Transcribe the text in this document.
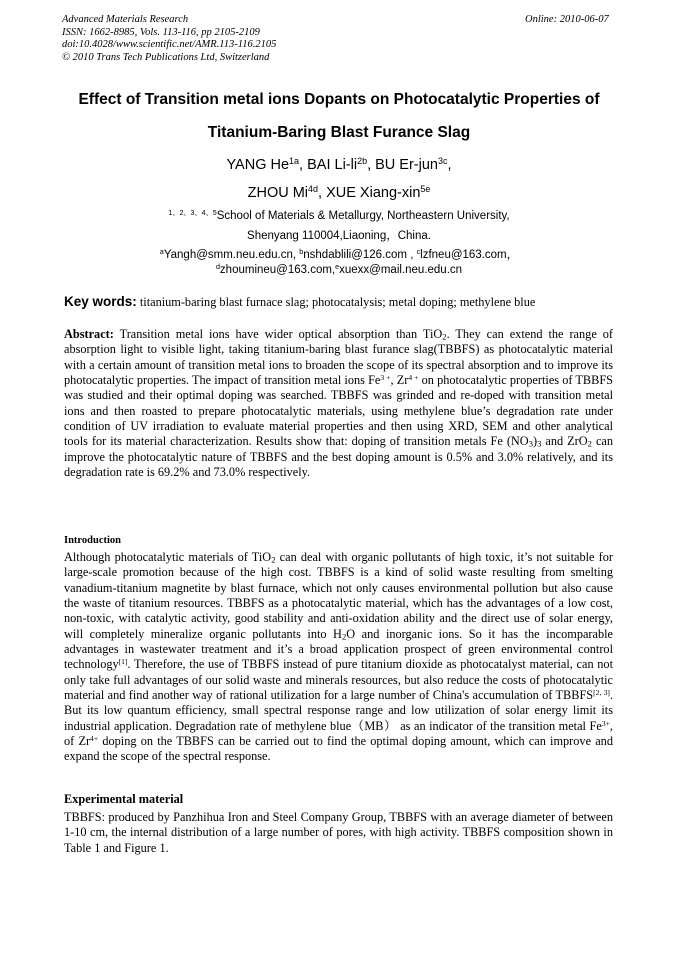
Advanced Materials Research
ISSN: 1662-8985, Vols. 113-116, pp 2105-2109
doi:10.4028/www.scientific.net/AMR.113-116.2105
© 2010 Trans Tech Publications Ltd, Switzerland
Online: 2010-06-07
Effect of Transition metal ions Dopants on Photocatalytic Properties of
Titanium-Baring Blast Furance Slag
YANG $He^{1a}$, BAI $Li-li^{2b}$, BU Er-jun$^{3c}$,
ZHOU $Mi^{4d}$, XUE Xiang-xin$^{5e}$
$^{1、2、3、4、5}$School of Materials & Metallurgy, Northeastern University,
Shenyang 110004,Liaoning，China.
$^a$Yangh@smm.neu.edu.cn, $^b$nshdablili@126.com , $^c$lzfneu@163.com，
$^d$zhoumineu@163.com,$^e$xuexx@mail.neu.edu.cn
Key words: titanium-baring blast furnace slag; photocatalysis; metal doping; methylene blue
Abstract: Transition metal ions have wider optical absorption than TiO$_2$. They can extend the range of absorption light to visible light, taking titanium-baring blast furance slag(TBBFS) as photocatalytic material with a certain amount of transition metal ions to broaden the scope of its spectral absorption and to improve its photocatalytic properties. The impact of transition metal ions $Fe^{3 +}$, $Zr^{4 +}$ on photocatalytic properties of TBBFS was studied and their optimal doping was searched. TBBFS was grinded and re-doped with transition metal ions and then roasted to prepare photocatalytic materials, using methylene blue’s degradation rate under condition of UV irradiation to evaluate material properties and then using XRD, SEM and other analytical tools for its material characterization. Results show that: doping of transition metals Fe $(NO_3)_3$ and ZrO$_2$ can improve the photocatalytic nature of TBBFS and the best doping amount is 0.5% and 3.0% relatively, and its degradation rate is 69.2% and 73.0% respectively.
Introduction
Although photocatalytic materials of TiO$_2$ can deal with organic pollutants of high toxic, it’s not suitable for large-scale promotion because of the high cost. TBBFS is a kind of solid waste resulting from smelting vanadium-titanium magnetite by blast furnace, which not only causes environmental pollution but also cause the waste of titanium resources. TBBFS as a photocatalytic material, which has the advantages of a low cost, non-toxic, with catalytic activity, good stability and anti-oxidation ability and the direct use of solar energy, will completely mineralize organic pollutants into $H_2O$ and inorganic ions. So it has the incomparable advantages in wastewater treatment and it’s a broad application prospect of green environmental control technology[1]. Therefore, the use of TBBFS instead of pure titanium dioxide as photocatalyst material, can not only take full advantages of our solid waste and minerals resources, but also reduce the costs of photocatalytic material and find another way of rational utilization for a large number of China's accumulation of TBBFS[2, 3]. But its low quantum efficiency, small spectral response range and low utilization of solar energy limit its industrial application. Degradation rate of methylene blue（MB） as an indicator of the transition metal $Fe^{3+}$, of $Zr^{4+}$ doping on the TBBFS can be carried out to find the optimal doping amount, which can improve and expand the scope of the spectral response.
Experimental material
TBBFS: produced by Panzhihua Iron and Steel Company Group, TBBFS with an average diameter of between 1-10 cm, the internal distribution of a large number of pores, with high activity. TBBFS composition shown in Table 1 and Figure 1.
